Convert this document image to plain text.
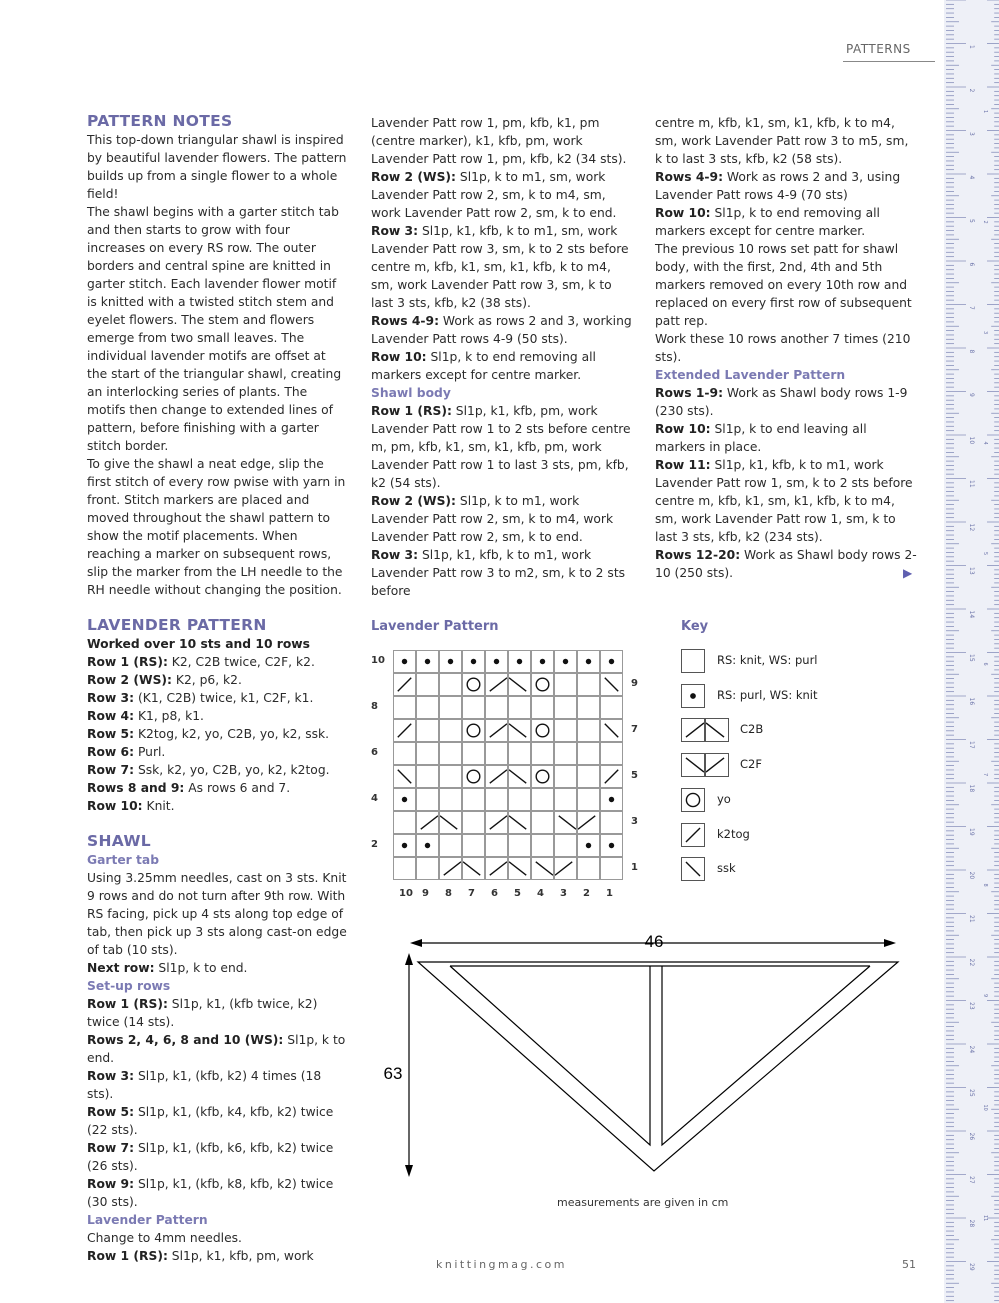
PATTERNS

PATTERN NOTES

This top-down triangular shawl is inspired by beautiful lavender flowers. The pattern builds up from a single flower to a whole field!

The shawl begins with a garter stitch tab and then starts to grow with four increases on every RS row. The outer borders and central spine are knitted in garter stitch. Each lavender flower motif is knitted with a twisted stitch stem and eyelet flowers. The stem and flowers emerge from two small leaves. The individual lavender motifs are offset at the start of the triangular shawl, creating an interlocking series of plants. The motifs then change to extended lines of pattern, before finishing with a garter stitch border.

To give the shawl a neat edge, slip the first stitch of every row pwise with yarn in front. Stitch markers are placed and moved throughout the shawl pattern to show the motif placements. When reaching a marker on subsequent rows, slip the marker from the LH needle to the RH needle without changing the position.

LAVENDER PATTERN

Worked over 10 sts and 10 rows

Row 1 (RS): K2, C2B twice, C2F, k2.

Row 2 (WS): K2, p6, k2.

Row 3: (K1, C2B) twice, k1, C2F, k1.

Row 4: K1, p8, k1.

Row 5: K2tog, k2, yo, C2B, yo, k2, ssk.

Row 6: Purl.

Row 7: Ssk, k2, yo, C2B, yo, k2, k2tog.

Rows 8 and 9: As rows 6 and 7.

Row 10: Knit.

SHAWL

Garter tab

Using 3.25mm needles, cast on 3 sts. Knit 9 rows and do not turn after 9th row. With RS facing, pick up 4 sts along top edge of tab, then pick up 3 sts along cast-on edge of tab (10 sts).

Next row: Sl1p, k to end.

Set-up rows

Row 1 (RS): Sl1p, k1, (kfb twice, k2) twice (14 sts).

Rows 2, 4, 6, 8 and 10 (WS): Sl1p, k to end.

Row 3: Sl1p, k1, (kfb, k2) 4 times (18 sts).

Row 5: Sl1p, k1, (kfb, k4, kfb, k2) twice (22 sts).

Row 7: Sl1p, k1, (kfb, k6, kfb, k2) twice (26 sts).

Row 9: Sl1p, k1, (kfb, k8, kfb, k2) twice (30 sts).

Lavender Pattern

Change to 4mm needles.

Row 1 (RS): Sl1p, k1, kfb, pm, work

Lavender Patt row 1, pm, kfb, k1, pm (centre marker), k1, kfb, pm, work Lavender Patt row 1, pm, kfb, k2 (34 sts).

Row 2 (WS): Sl1p, k to m1, sm, work Lavender Patt row 2, sm, k to m4, sm, work Lavender Patt row 2, sm, k to end.

Row 3: Sl1p, k1, kfb, k to m1, sm, work Lavender Patt row 3, sm, k to 2 sts before centre m, kfb, k1, sm, k1, kfb, k to m4, sm, work Lavender Patt row 3, sm, k to last 3 sts, kfb, k2 (38 sts).

Rows 4-9: Work as rows 2 and 3, working Lavender Patt rows 4-9 (50 sts).

Row 10: Sl1p, k to end removing all markers except for centre marker.

Shawl body

Row 1 (RS): Sl1p, k1, kfb, pm, work Lavender Patt row 1 to 2 sts before centre m, pm, kfb, k1, sm, k1, kfb, pm, work Lavender Patt row 1 to last 3 sts, pm, kfb, k2 (54 sts).

Row 2 (WS): Sl1p, k to m1, work Lavender Patt row 2, sm, k to m4, work Lavender Patt row 2, sm, k to end.

Row 3: Sl1p, k1, kfb, k to m1, work Lavender Patt row 3 to m2, sm, k to 2 sts before

centre m, kfb, k1, sm, k1, kfb, k to m4, sm, work Lavender Patt row 3 to m5, sm, k to last 3 sts, kfb, k2 (58 sts).

Rows 4-9: Work as rows 2 and 3, using Lavender Patt rows 4-9 (70 sts)

Row 10: Sl1p, k to end removing all markers except for centre marker.

The previous 10 rows set patt for shawl body, with the first, 2nd, 4th and 5th markers removed on every 10th row and replaced on every first row of subsequent patt rep.

Work these 10 rows another 7 times (210 sts).

Extended Lavender Pattern

Rows 1-9: Work as Shawl body rows 1-9 (230 sts).

Row 10: Sl1p, k to end leaving all markers in place.

Row 11: Sl1p, k1, kfb, k to m1, work Lavender Patt row 1, sm, k to 2 sts before centre m, kfb, k1, sm, k1, kfb, k to m4, sm, work Lavender Patt row 1, sm, k to last 3 sts, kfb, k2 (234 sts).

Rows 12-20: Work as Shawl body rows 2-10 (250 sts).	▶
Lavender Pattern
10
8
6
4
2
9
7
5
3
1
10 9 8 7 6 5 4 3 2 1
Key
RS: knit, WS: purl
RS: purl, WS: knit
C2B
C2F
yo
k2tog
ssk
46
63
measurements are given in cm
knittingmag.com	51
1
2
3
4
5
6
7
8
9
10
11
12
13
14
15
16
17
18
19
20
21
22
23
24
25
26
27
28
29
1
2
3
4
5
6
7
8
9
10
11
